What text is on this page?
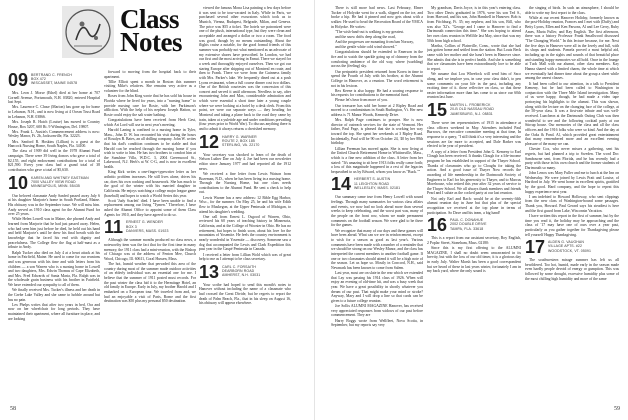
Class
Notes
09 BERTRAND C. FRENCH
BOX 472
WISCASSET, MAINE 04578

Mrs. Leon J. Morse (Ethel) died at her home at 707 Cornell Avenue, Portsmouth, N.H. 03820, entered Hospital last Sept.

Mrs. Laurence C. Chase (Marion) has gone up for home to Lebanon, N.H., and is now living at 4 Ocean Trust Road in Lebanon, N.H. 03866.

Mrs. Joseph R. Hatch (Louise) has moved to Country House, Box 5207, 600 Rt. 9 Wilmington, Del. 19807.

Mrs. Frank L. Austin's Commencement address is now: Wesley Manor, Ft. 2b, Jacksonville, Fla. 32223.

Mrs. Sanford R. Hoskins (Lillian) is a guest at the Hancock Nursing Home, South Naples, Fla. 34100.

The class of 1909 did well in the 1978 Alumni Fund campaign. There were 39 living donors who gave a total of $2,155, and eight endowment contributions for a total of $21,590. Every year class had a grand total of 38 contributors who gave a total of $5,630.

10 KAREN AND WHITNEY EASTMAN
7000 VALLEY VIEW ROAD
MINNEAPOLIS, MINN. 55435

Our beloved classmate Andy Sanfed passed away July 6 at his daughter Marjorie's home in South Portland, Maine. His obituary was in the September issue. We will miss him. Andy served as 1910 class agent for the Alumni Fund for over 25 years.

While Helen Lowell was in Maine, she phoned Andy and learned from Marjorie that he had just passed away. Helen, who had seen him just before he died, he held out his hand and held Marjorie's until he drew his final breath with the knowledge that he faced his end with dignity and peacefulness. The College flew the flag at half-mast as a tribute to Andy.

Ralph Tucker also died on July 4 at a heart attack at his home in Fairfield, Maine. He used to come for our reunions and was generous with his time and with letters from his children — a son Warren who is a nursing home in Lowell and two daughters, Mrs. Edwin Thomas of Cape Elizabeth, and Mrs. Fred Edwards of Santa Maria, Fla. Ralph was in the wholesale grain business with his brother in Fairfield. We have extended our sympathy to all of them.

We finally received Mrs. Tucker's illness and her death in the Grebe Lake Valley and she came to hobble around but has no pain.

Lex Phelps writes that after two years in bed, Ora and now on her wheelchair for long periods. They have maintained their apartment, where all furniture in place, and are looking

forward to moving from the hospital back to their apartment.

Tillie Elliott spent a month in Boston this summer visiting Mike's relatives. She remains very active as a volunteer for the blind.

Roses from John King wrote that he has sold his house in Florida where he lived for years, into a "nursing home" to provide nursing care for Rosie, with her Parkinson's affliction. With the help of his nephew Joseph Hatton, so Rosie could enjoy the salt water bathing.

Congratulations have been received from Herb Gest, which Art Lord will use in next year's meeting.

Harold Laning is confined to a nursing home in Tyler, Mass., John D. W. has recounted his visit during the hours of Rosalyn B. Bates, an all drilling company. John W. writes that his dad's condition continues to be stable and that Harold can be reached through the nursing home if you wish to write to him. He has two brothers to comfort him at the Sunshine Villa, W.D.C. 3, 2004 Greenwood St., Lakewood, N.J. Herb's at W. C-G, and is now in excellent health.

King Kirk writes a one-finger-typewriter letter as her arthritic problem increases. He still lives alone, drives his car, does his own cooking and housework. She has much to the goal of the winter with his married daughter in California. He enjoys watching a college major league game (baseball) and hopes to watch a World Series this year.

Scott 'Judy Scarlett' died. I have been unable to find a replacement among our living "Tymen." Therefore, I have asked the Alumni Office to appoint some of them Class Agents for 1910, and they have agreed to do so.

11 ERNEST G. WENDER
BOX 3
DANVERS, MASS. 01923

Although the summer months produced no class news, a noteworthy item was the fact that for the first time in many memory, the 1911 class had a mini-reunion, with the Bishop of Chicago was at the address of Fenton Mee, Church Wood, Chicago, Ill. 60611, Coral Hussen, Mass.

The hot, humid weather that pervaded this area of the country during most of the summer made outdoor activities of an elderly individual was an essential one for me. I believe that the summer of 1911 posted must records. For the past winter the class hid it to the Hermitage Hotel, an old family in Europe. Early in July, my brother Harold and I embarked on a European tour. We traveled from and, we had an enjoyable a visit of Paris, Rome and the first destination was $50 plus my personal $50 destination.

viewed the famous Mona Lisa painting a few days before it was sent to be tour-vacated in Italy. While in Paris, we purchased several other excursions which took us to Munich, Vienna, Budapest, Belgrade, Milan, and Geneva. The price was $55 a ticket. The hotels we patronized were one of the plush, international type, but they were clean and acceptable and arranged a dollar or two a room. The food was good, though by no means outstanding. About the flights cruise a notable, for the good formal friends of this summer was probably not what mentioned as an advocate of my extensive shares have prescribed. In London, we had our first and the most arriving in Ennui. There we stayed for a week and thoroughly enjoyed ourselves. Then we got our staring Europe after shipping out of Montreal en route, and then to Frank. There we were from the Guinness family with Mrs. Parker's lake. We frequently dined out at a posh Lyons restaurant, when a full course dinner cost two dollars. One of the British courtesies was the concession of this concert and served it until afternoon. Needless to say, after encountering John and Max, considerable admiration and which were essential a short time later a young couple where we were looking at a hotel by a desk clerk. From this point, we were our separate ways — they heading for Montreal and taking a plane back to the road they came by train, taken at a yuletide age and under conditions prevailing (four years prior to World War). To discuss anything there is and to admit it always returns a cherished memory.

12 HARRY G. WARNER
ROUTE 2, BOX 185
STERLING, VA. 22170

Your secretary was shocked to learn of the death of Nelson Luther Dae on July 4. Joe had been our newsletter editor since January 1977 and had reported all the 1912 news.

We received a fine letter from Lewis Watson from Bozeman, N.D., when he has been living in a nursing home. Through the Nursing Home, but one class needs contributions to the Alumni Fund. He sent a check to help out.

Lewis Warner has a new address: 12 Bible Egg Harbor, Wisc., for the summer. On May 25, he and his wife Edith flew to Muskegon, at the Upper Peninsula of Michigan, to attend his daughter's wedding.

One call from Ernest L. Osgood of Warren, Ohio, reviewed his 60 years of teaching history in Minnesota, California, and at the College of Wooster in Ohio. He has no retirement, but hopes to finish soon, about his love for the mountains of Yosemite. He feels the country environment is nearly wonderful in Yosemite — discovery. Someone saw a dog that accompanied the Lewis and Clark Expedition this past year in the Gaspé Peninsula in Canada.

I received a letter from Lillian Wold which was of great help to me as I attempt to be class secretary.

13 CARL C. FORSAITH
DEARBORN ROAD
AMHERST, N.H. 03031

Your scribe had hoped to send this month's notes to Hanover without including the name of a classmate who had crossed the Great Divide, but he regrets to report the death of Palm Beach, Fla., that in his sleep on August 16, his obituary will appear elsewhere.

There is still more bad news. Last February, Elmer Tucker of Holyoke went for a walk, slipped on the ice, and broke a hip. He had it pinned and now gets about with a walker. He used to head the Recreation Board of the YMCA in Holyoke. He writes:

"The wish-land-out is walking is my greatest.

and the snow drifts deep along the road,

And the progresses are mounting from ban Norway,

and the gentle white cold wind showed."

Congratulations should be extended to Emerson in the fire and to watch the sparkle going up of chimney from the comforting ambience of the old way, where (warbling) across the (feeling) sky.

Our peripatetic president returned from Korea in time to spend the Fourth of July with his brother, at the Alumni College in Hanover, as a reunion. The word retirement is not in his lexicon.

Rex Keene is also happy. He had a soaring response to his requests for contributions to the memorial fund.

Please let's hear from more of you.

Our treasurer has sold her home at 2 Ripley Road and moved to a condominium in South Burlington, Vt. Her new address is 71 Manor Woods, Kennedy Drive.

Mrs. Ralph Page continues to prosper. She is now director of outreach services for the state of Vermont. Her father, Paul Page, is pleased that she is working her way toward the top. She spent her weekends at 3 Ripley Road. Incidentally, Paul will be 90 on October 24, '40 by her 88th birthday.

Lillian Freeman has moved again. She is now living at the United Church Retirement Home in Whitinsville, Mass., which is a fine new addition of the class. A letter from her stated: "It's amazing to sit here 1913 folks really came forth; a loss of this magnitude happened in a rest of the legacies bequeathed to us by Edward, whom you know as "Buck.""

14 HERBERT S. AUSTIN
11 LEIGHTON ROAD
WELLESLEY, MASS. 02181

Our summary came true from Henry Lowell with sound feelings. Through many summaries for various class affairs and events, we now had no look ahead more than several weeks to keep celebrating, and the worst part was, many of the people on the front row, whom we made permanent comments on the football season. We were glad to be there for the games.

We recognize that many of our days and these games will have been ahead. What can we see in reinforcement, except to wish for a season as good as last year's. Various comments have been made with a number of a reminder that we should be strong on our Wesley Manor, and the class has interpreted the current members to another football game. If one or two classmates should attend it will be a high note of the season. Let us hope so. Mostly in Concord, N.H., said Newmark has been known to come from Salem.

Last year, most are on slate in the rear which we extended that Lay was passing his 1914 class of 1926. When will enjoy an evening of old-time hit, and was a busy week that year. We have a great possibility in shortly whatever you dream of our past. That might make your mind or stroke? Anyway, Mary and I will drop a line so that cards can be given to a future college reunion.

Joe Sollis ALUMNI MAGAZINE Hanover, has received very appreciated responses from widows of our past before commencement. They are

Harry Boggs wrote from Wellfleet, Nova Scotia, in September, but my reports say very

My grandson, Davis Joyce, is in this year's entering class. Two other Davis graduated in 1976, were his son Ted S., from Harvard, and his son, John Hanshell in Hanover. Bob is from Fitchburg, Ft. 35; my nephew, and his son, Bill, who was also '32's. "George and I came to Hanover to find a Dartmouth connection this time." She was hoping to attend her own class reunion in Wellfile last May, since that was my 50th from high school.

Martha, Collins of Plainville, Conn., wrote that she had just gotten home and settled from the station. But Louis Beck came with her mother and she hasn't been in Hanover since. She admits that she is in perfect health. And she is something that we classmates have been extraordinarily lore to be able to report.

We assume that Lou Wheelock will send him of Saco along, and we implore you, in case your class didn't, to pen some comments on your life in the past, including any exciting time of it. those reflective on class, so that these easier information more than has come to us since our 60th reunion last June.

15 MARTIN L. FROBERICK
20-B OLD NASSAU ROAD
JAMESBURG, N.J. 08831

There were ten representatives of 1915 in attendance at class officers weekend in May. Attendees included Paul Burrows, the executive committee meeting at that time, In response to a query, "I still think it's a very interesting and the sessions are far more to accepted, and Dale Barker was elected to be year of president.

A copy of a letter from President John G. Kemeny to Earl Clough has been received. It thanks Clough for a life-income program he has established in support of the Thayer School. Thanks of classmates who go to Cloughs for taking the action. And a good issue of Thayer Now records the awarding of life membership in the Dartmouth Society of Engineers to Earl for his generosity to Thayer, and to Marcus Morehouse, who retired this year after 32 years of service to the Thayer School. We all always thank members and friends Pearl and I salute as the cocked party at our last reunion.

Not only Earl and Rach: would be at the seventy-fifth alumni reunion day in June but that plus of the special recognition we received at the top plane in terms of participation. So Dave and his team, a big hand!

16 PAUL C. DONAHUE
2002 DOUBLE DRIVE
TAMPA, FLA. 33618

This is a report from our assistant secretary, Roy English, 2 Poplar Street, Stoneham, Mass. 02180:

Since this is my first offering to the ALUMNI MAGAZINE, I shall no doubt seem unwarranted in its brevity, but with the loss of our old timer, it is a glorious day in early July. Walter Marsh has been a good correspondent but we heard of these in last years winter, fortunately I am in my back yard, where the only sound is

the singing of birds. In such an atmosphere, I should be able to write my first report to the class.

While at our recent Hanover Holiday, formerly known as the post-Holiday reunion, Frances and I met with (Duffy) and Betty Lyons, Ellen and Ken Parsons, Al and Lee Gerry, Ruby Ames, Marta Fuller, and Ray English. The first afternoon, there was a history Professor Frank Smallwood discussed "The Changing World." In this lecture because, for me. Next the five days in Hanover were all in the lovely and full, with its shops and students. Pamela proved a most helpful aid, including up in the sights and sounds of that beautiful place and standing happy memories we all hold. Once in the lounge at Tuck Mall with our alumni, other class members. Kay Hanna shared with a limited charm, the whole time at which we eventually had dinner time about the group a sheet while among the unrest classes.

It had been called to our attention, in a talk to President Kemeny, but he had been called to Washington in conjunction with the Three Mile Island investigation. Many of us were happy, though, he had made a video tape portraying his highlights to the alumni. This was shown, along with the lecture on the changing face of the college, at the 50-year class. It was a first-rate tribute and was well-received. Luncheon at the Dartmouth Outing Club was then wonderful to see and the following cocktail party at our Stirrup house. Our memories of the class and all the class officers and the 1916 folks who were so kind. And the day at the Oaks & Pond. Al, which provided great entertainment that many remembered more and an excellent evening pleasure of the many we can.

Chester Cox, who never misses a gathering, sent his regrets, but had planned a trip to Sweden. The word Doc Sambourne sent, from Florida, and he has recently had a party with those in his own church and the former students of Dartmouth so many.

John Lenox was Mary Fuller and me to lunch at the Inn on Wednesday. We were joined by Lewis Pratt and Louise, of Hartford in July. We went home in excellent spirits, gratified by the good. Hard company, and the hope to repeat this happy experience next year.

I am indebted to Howard Holloway, who sent clippings from the new class of Washington-bound some passages. Thank you, Howard. Paul Gerard says his steadiest is here and the first guard from Lake, Wisconsin Vacation.

I have written this report in the first of summer, but by the time you read it, the holiday may be approaching and the class of '17 may have one of ours over a year past, particularly as you gather together for Thanksgiving please tell yourself Happy Thanksgiving.

17 ALDEN G. VAUGHAN
VILLAGE APTS. #22
WOODSTOCK, VT. 05091

The southwestern mirage summer has left us all bewildered. Too hot, humid, made early in the season made even hardly people devoid of energy or gumption. This was followed by some drought, excessive humidity plus some of the most chilling high humidity and more of the same

58	59
